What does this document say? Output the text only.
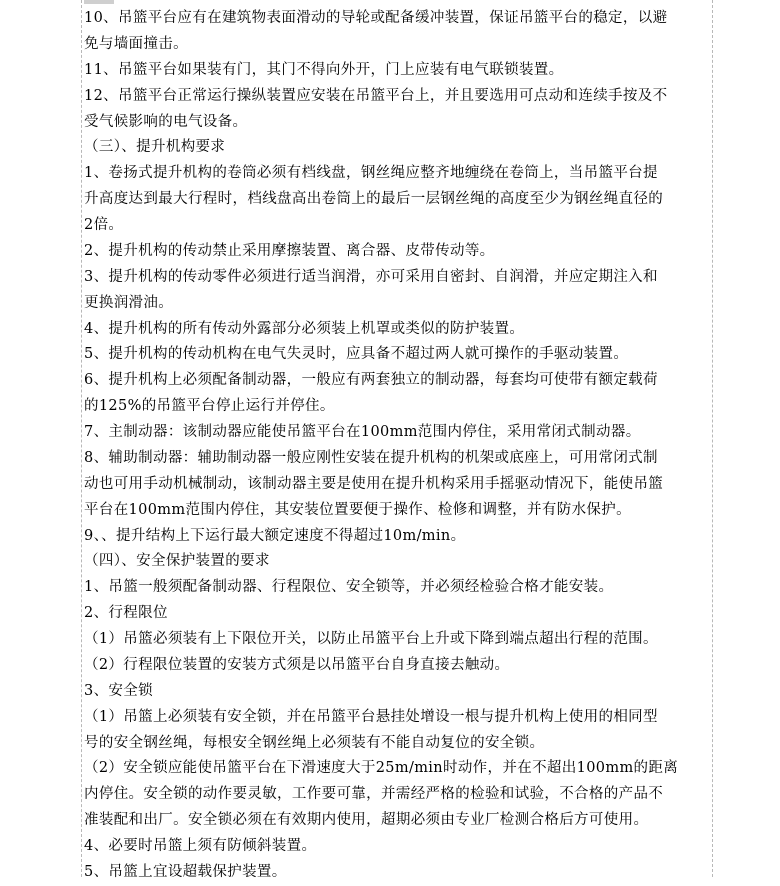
10、吊篮平台应有在建筑物表面滑动的导轮或配备缓冲装置，保证吊篮平台的稳定，以避
免与墙面撞击。
11、吊篮平台如果装有门，其门不得向外开，门上应装有电气联锁装置。
12、吊篮平台正常运行操纵装置应安装在吊篮平台上，并且要选用可点动和连续手按及不
受气候影响的电气设备。
（三）、提升机构要求
1、卷扬式提升机构的卷筒必须有档线盘，钢丝绳应整齐地缠绕在卷筒上，当吊篮平台提
升高度达到最大行程时，档线盘高出卷筒上的最后一层钢丝绳的高度至少为钢丝绳直径的
2倍。
2、提升机构的传动禁止采用摩擦装置、离合器、皮带传动等。
3、提升机构的传动零件必须进行适当润滑，亦可采用自密封、自润滑，并应定期注入和
更换润滑油。
4、提升机构的所有传动外露部分必须装上机罩或类似的防护装置。
5、提升机构的传动机构在电气失灵时，应具备不超过两人就可操作的手驱动装置。
6、提升机构上必须配备制动器，一般应有两套独立的制动器，每套均可使带有额定载荷
的125%的吊篮平台停止运行并停住。
7、主制动器：该制动器应能使吊篮平台在100mm范围内停住，采用常闭式制动器。
8、辅助制动器：辅助制动器一般应刚性安装在提升机构的机架或底座上，可用常闭式制
动也可用手动机械制动，该制动器主要是使用在提升机构采用手摇驱动情况下，能使吊篮
平台在100mm范围内停住，其安装位置要便于操作、检修和调整，并有防水保护。
9、、提升结构上下运行最大额定速度不得超过10m/min。
（四）、安全保护装置的要求
1、吊篮一般须配备制动器、行程限位、安全锁等，并必须经检验合格才能安装。
2、行程限位
（1）吊篮必须装有上下限位开关，以防止吊篮平台上升或下降到端点超出行程的范围。
（2）行程限位装置的安装方式须是以吊篮平台自身直接去触动。
3、安全锁
（1）吊篮上必须装有安全锁，并在吊篮平台悬挂处增设一根与提升机构上使用的相同型
号的安全钢丝绳，每根安全钢丝绳上必须装有不能自动复位的安全锁。
（2）安全锁应能使吊篮平台在下滑速度大于25m/min时动作，并在不超出100mm的距离
内停住。安全锁的动作要灵敏，工作要可靠，并需经严格的检验和试验，不合格的产品不
准装配和出厂。安全锁必须在有效期内使用，超期必须由专业厂检测合格后方可使用。
4、必要时吊篮上须有防倾斜装置。
5、吊篮上宜设超载保护装置。
